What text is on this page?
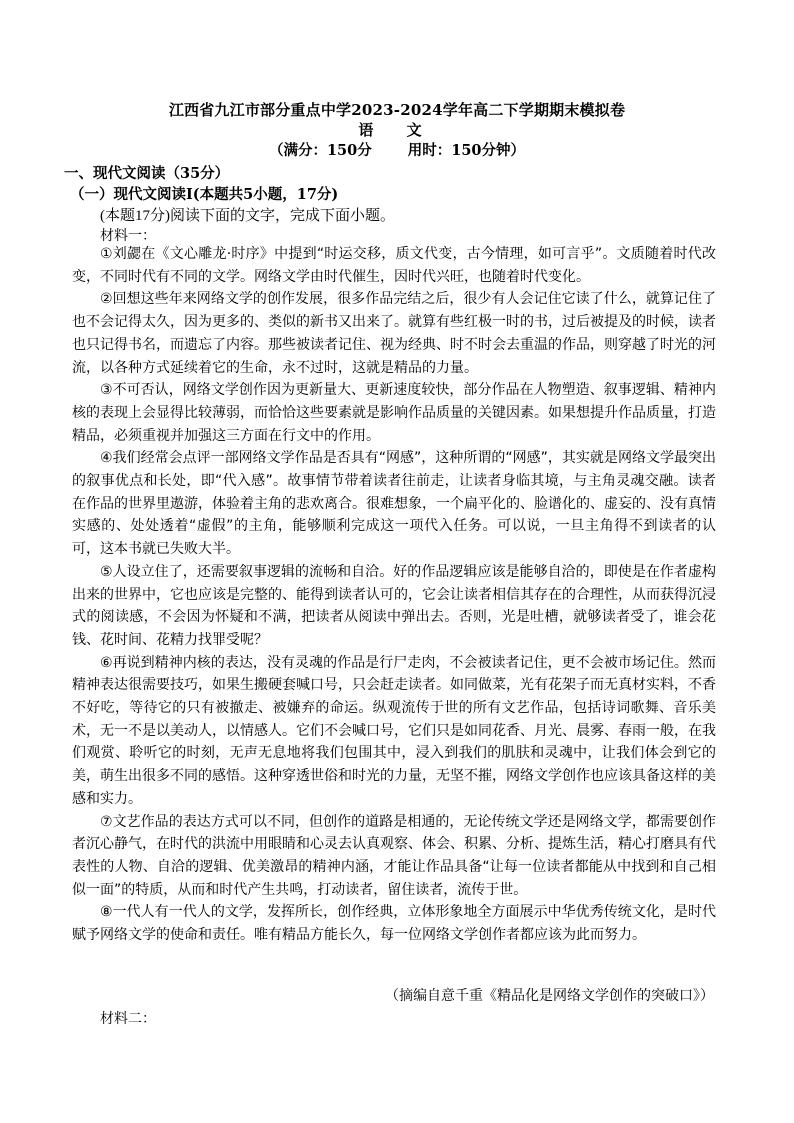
江西省九江市部分重点中学2023-2024学年高二下学期期末模拟卷
语 文
（满分：150分 用时：150分钟）
一、现代文阅读（35分）
（一）现代文阅读Ⅰ(本题共5小题，17分)
(本题17分)阅读下面的文字，完成下面小题。
材料一：

①刘勰在《文心雕龙·时序》中提到“时运交移，质文代变，古今情理，如可言乎”。文质随着时代改变，不同时代有不同的文学。网络文学由时代催生，因时代兴旺，也随着时代变化。

②回想这些年来网络文学的创作发展，很多作品完结之后，很少有人会记住它读了什么，就算记住了也不会记得太久，因为更多的、类似的新书又出来了。就算有些红极一时的书，过后被提及的时候，读者也只记得书名，而遗忘了内容。那些被读者记住、视为经典、时不时会去重温的作品，则穿越了时光的河流，以各种方式延续着它的生命，永不过时，这就是精品的力量。

③不可否认，网络文学创作因为更新量大、更新速度较快，部分作品在人物塑造、叙事逻辑、精神内核的表现上会显得比较薄弱，而恰恰这些要素就是影响作品质量的关键因素。如果想提升作品质量，打造精品，必须重视并加强这三方面在行文中的作用。

④我们经常会点评一部网络文学作品是否具有“网感”，这种所谓的“网感”，其实就是网络文学最突出的叙事优点和长处，即“代入感”。故事情节带着读者往前走，让读者身临其境，与主角灵魂交融。读者在作品的世界里遨游，体验着主角的悲欢离合。很难想象，一个扁平化的、脸谱化的、虚妄的、没有真情实感的、处处透着“虚假”的主角，能够顺利完成这一项代入任务。可以说，一旦主角得不到读者的认可，这本书就已失败大半。

⑤人设立住了，还需要叙事逻辑的流畅和自洽。好的作品逻辑应该是能够自洽的，即使是在作者虚构出来的世界中，它也应该是完整的、能得到读者认可的，它会让读者相信其存在的合理性，从而获得沉浸式的阅读感，不会因为怀疑和不满，把读者从阅读中弹出去。否则，光是吐槽，就够读者受了，谁会花钱、花时间、花精力找罪受呢？

⑥再说到精神内核的表达，没有灵魂的作品是行尸走肉，不会被读者记住，更不会被市场记住。然而精神表达很需要技巧，如果生搬硬套喊口号，只会赶走读者。如同做菜，光有花架子而无真材实料，不香不好吃，等待它的只有被撤走、被嫌弃的命运。纵观流传于世的所有文艺作品，包括诗词歌舞、音乐美术，无一不是以美动人，以情感人。它们不会喊口号，它们只是如同花香、月光、晨雾、春雨一般，在我们观赏、聆听它的时刻，无声无息地将我们包围其中，浸入到我们的肌肤和灵魂中，让我们体会到它的美，萌生出很多不同的感悟。这种穿透世俗和时光的力量，无坚不摧，网络文学创作也应该具备这样的美感和实力。

⑦文艺作品的表达方式可以不同，但创作的道路是相通的，无论传统文学还是网络文学，都需要创作者沉心静气，在时代的洪流中用眼睛和心灵去认真观察、体会、积累、分析、提炼生活，精心打磨具有代表性的人物、自洽的逻辑、优美激昂的精神内涵，才能让作品具备“让每一位读者都能从中找到和自己相似一面”的特质，从而和时代产生共鸣，打动读者，留住读者，流传于世。

⑧一代人有一代人的文学，发挥所长，创作经典，立体形象地全方面展示中华优秀传统文化，是时代赋予网络文学的使命和责任。唯有精品方能长久，每一位网络文学创作者都应该为此而努力。

（摘编自意千重《精品化是网络文学创作的突破口》）
材料二：
